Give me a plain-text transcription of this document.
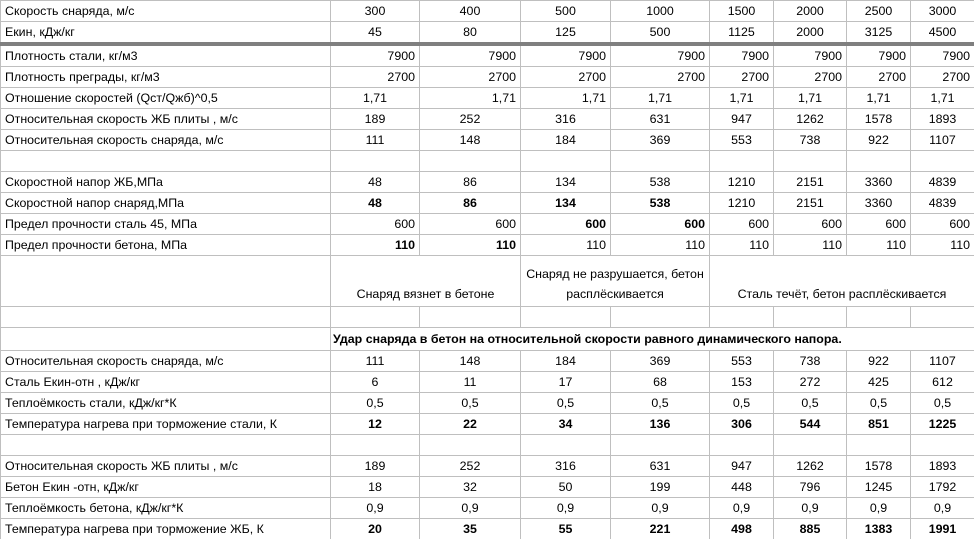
Скорость снаряда, м/с	300	400	500	1000	1500	2000	2500	3000
Екин, кДж/кг	45	80	125	500	1125	2000	3125	4500
Плотность стали, кг/м3	7900	7900	7900	7900	7900	7900	7900	7900
Плотность преграды, кг/м3	2700	2700	2700	2700	2700	2700	2700	2700
Отношение скоростей (Qст/Qжб)^0,5	1,71	1,71	1,71	1,71	1,71	1,71	1,71	1,71
Относительная скорость ЖБ плиты , м/с	189	252	316	631	947	1262	1578	1893
Относительная скорость снаряда, м/с	111	148	184	369	553	738	922	1107

Скоростной напор ЖБ,МПа	48	86	134	538	1210	2151	3360	4839
Скоростной напор снаряд,МПа	48	86	134	538	1210	2151	3360	4839
Предел прочности сталь 45, МПа	600	600	600	600	600	600	600	600
Предел прочности бетона, МПа	110	110	110	110	110	110	110	110
	Снаряд вязнет в бетоне		Снаряд не разрушается, бетон расплёскивается		Сталь течёт, бетон расплёскивается			

	Удар снаряда в бетон на относительной скорости равного динамического напора.							
Относительная скорость снаряда, м/с	111	148	184	369	553	738	922	1107
Сталь Екин-отн , кДж/кг	6	11	17	68	153	272	425	612
Теплоёмкость стали, кДж/кг*К	0,5	0,5	0,5	0,5	0,5	0,5	0,5	0,5
Температура нагрева при торможение стали, К	12	22	34	136	306	544	851	1225

Относительная скорость ЖБ плиты , м/с	189	252	316	631	947	1262	1578	1893
Бетон Екин -отн, кДж/кг	18	32	50	199	448	796	1245	1792
Теплоёмкость бетона, кДж/кг*К	0,9	0,9	0,9	0,9	0,9	0,9	0,9	0,9
Температура нагрева при торможение ЖБ, К	20	35	55	221	498	885	1383	1991
